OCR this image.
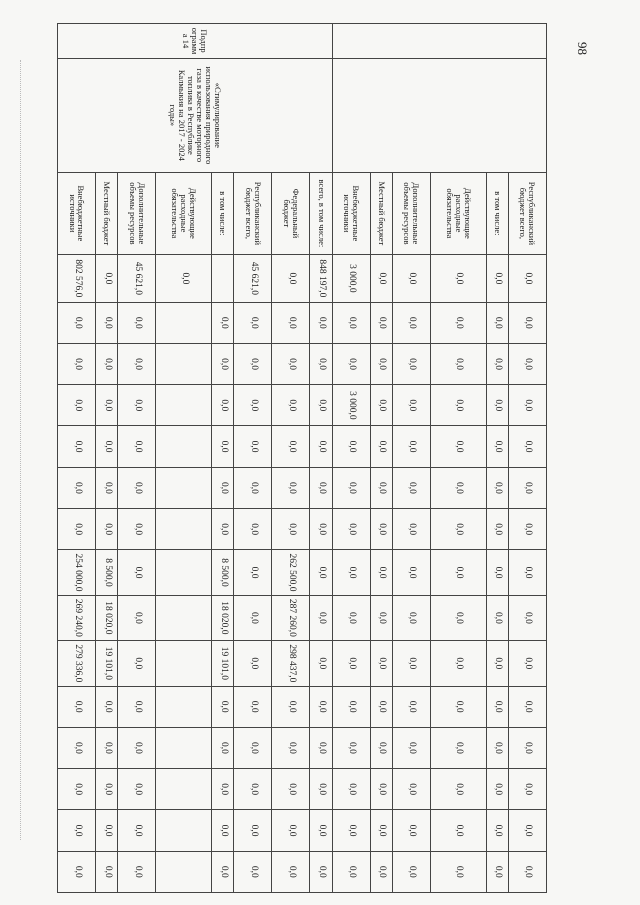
98
		Республиканский бюджет всего,	0,0	0,0	0,0	0,0	0,0	0,0	0,0	0,0	0,0	0,0	0,0	0,0	0,0	0,0	0,0
		в том числе:	0,0	0,0	0,0	0,0	0,0	0,0	0,0	0,0	0,0	0,0	0,0	0,0	0,0	0,0	0,0
		Действующие расходные обязательства	0,0	0,0	0,0	0,0	0,0	0,0	0,0	0,0	0,0	0,0	0,0	0,0	0,0	0,0	0,0
		Дополнительные объемы ресурсов	0,0	0,0	0,0	0,0	0,0	0,0	0,0	0,0	0,0	0,0	0,0	0,0	0,0	0,0	0,0
		Местный бюджет	0,0	0,0	0,0	0,0	0,0	0,0	0,0	0,0	0,0	0,0	0,0	0,0	0,0	0,0	0,0
		Внебюджетные источники	3 000,0	0,0	0,0	3 000,0	0,0	0,0	0,0	0,0	0,0	0,0	0,0	0,0	0,0	0,0	0,0
Подпр ограмм а 14	«Стимулирование использования природного газа в качестве моторного топлива в Республике Калмыкия на 2017 - 2024 годы»	всего, в том числе:	848 197,0	0,0	0,0	0,0	0,0	0,0	0,0	0,0	0,0	0,0	0,0	0,0	0,0	0,0	0,0
		Федеральный бюджет	0,0	0,0	0,0	0,0	0,0	0,0	0,0	262 500,0	287 260,0	298 437,0	0,0	0,0	0,0	0,0	0,0
		Республиканский бюджет всего,	45 621,0	0,0	0,0	0,0	0,0	0,0	0,0	0,0	0,0	0,0	0,0	0,0	0,0	0,0	0,0
		в том числе:		0,0	0,0	0,0	0,0	0,0	0,0	8 500,0	18 020,0	19 101,0	0,0	0,0	0,0	0,0	0,0
		Действующие расходные обязательства	0,0														
		Дополнительные объемы ресурсов	45 621,0	0,0	0,0	0,0	0,0	0,0	0,0	0,0	0,0	0,0	0,0	0,0	0,0	0,0	0,0
		Местный бюджет	0,0	0,0	0,0	0,0	0,0	0,0	0,0	8 500,0	18 020,0	19 101,0	0,0	0,0	0,0	0,0	0,0
		Внебюджетные источники	802 576,0	0,0	0,0	0,0	0,0	0,0	0,0	254 000,0	269 240,0	279 336,0	0,0	0,0	0,0	0,0	0,0
